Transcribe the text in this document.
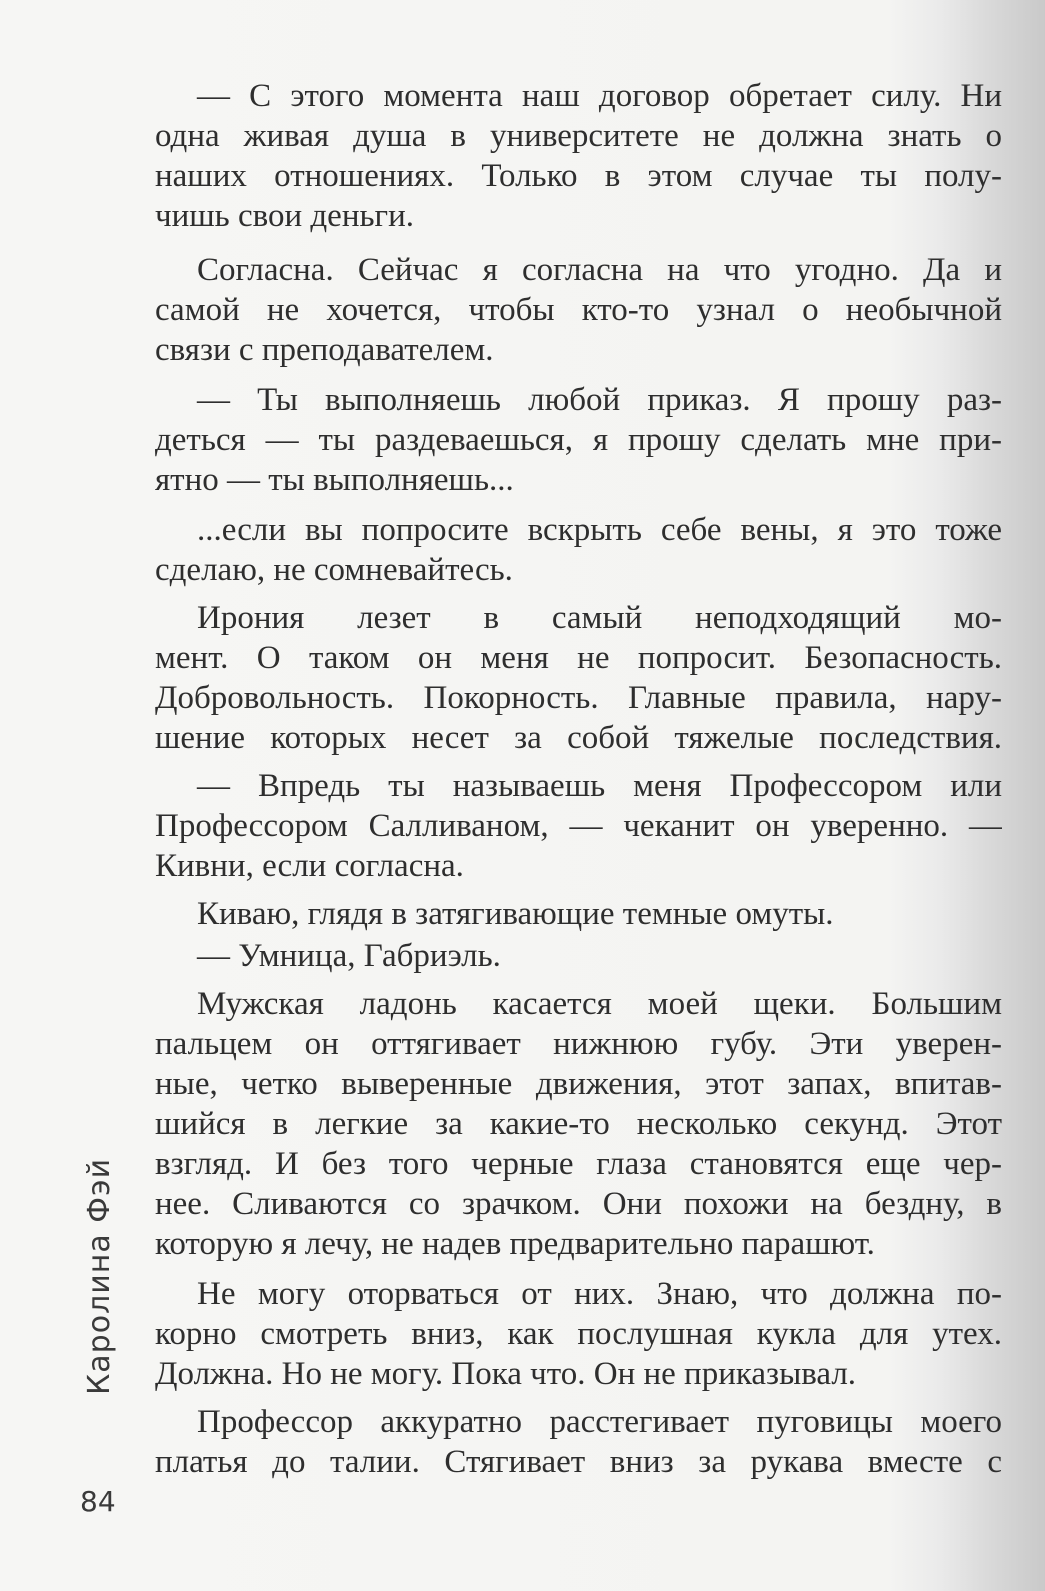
— С этого момента наш договор обретает силу. Ни
одна живая душа в университете не должна знать о
наших отношениях. Только в этом случае ты полу-
чишь свои деньги.
Согласна. Сейчас я согласна на что угодно. Да и
самой не хочется, чтобы кто-то узнал о необычной
связи с преподавателем.
— Ты выполняешь любой приказ. Я прошу раз-
деться — ты раздеваешься, я прошу сделать мне при-
ятно — ты выполняешь...
...если вы попросите вскрыть себе вены, я это тоже
сделаю, не сомневайтесь.
Ирония лезет в самый неподходящий мо-
мент. О таком он меня не попросит. Безопасность.
Добровольность. Покорность. Главные правила, нару-
шение которых несет за собой тяжелые последствия.
— Впредь ты называешь меня Профессором или
Профессором Салливаном, — чеканит он уверенно. —
Кивни, если согласна.
Киваю, глядя в затягивающие темные омуты.
— Умница, Габриэль.
Мужская ладонь касается моей щеки. Большим
пальцем он оттягивает нижнюю губу. Эти уверен-
ные, четко выверенные движения, этот запах, впитав-
шийся в легкие за какие-то несколько секунд. Этот
взгляд. И без того черные глаза становятся еще чер-
нее. Сливаются со зрачком. Они похожи на бездну, в
которую я лечу, не надев предварительно парашют.
Не могу оторваться от них. Знаю, что должна по-
корно смотреть вниз, как послушная кукла для утех.
Должна. Но не могу. Пока что. Он не приказывал.
Профессор аккуратно расстегивает пуговицы моего
платья до талии. Стягивает вниз за рукава вместе с
Каролина Фэй
84
